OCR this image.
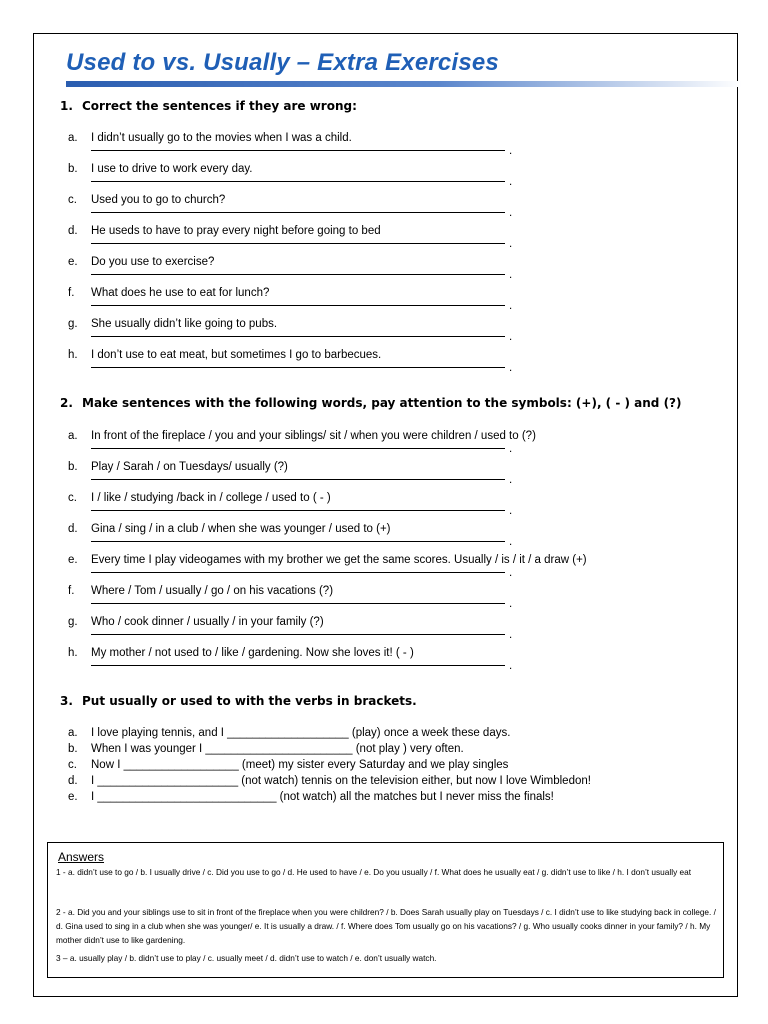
Used to vs. Usually – Extra Exercises
1. Correct the sentences if they are wrong:
a. I didn’t usually go to the movies when I was a child.
.
b. I use to drive to work every day.
.
c. Used you to go to church?
.
d. He useds to have to pray every night before going to bed
.
e. Do you use to exercise?
.
f. What does he use to eat for lunch?
.
g. She usually didn’t like going to pubs.
.
h. I don’t use to eat meat, but sometimes I go to barbecues.
.
2. Make sentences with the following words, pay attention to the symbols: (+), ( - ) and (?)
a. In front of the fireplace / you and your siblings/ sit / when you were children / used to (?)
.
b. Play / Sarah / on Tuesdays/ usually (?)
.
c. I / like / studying /back in / college / used to ( - )
.
d. Gina / sing / in a club / when she was younger / used to (+)
.
e. Every time I play videogames with my brother we get the same scores. Usually / is / it / a draw (+)
.
f. Where / Tom / usually / go / on his vacations (?)
.
g. Who / cook dinner / usually / in your family (?)
.
h. My mother / not used to / like / gardening. Now she loves it! ( - )
.
3. Put usually or used to with the verbs in brackets.
a. I love playing tennis, and I ___________________ (play) once a week these days.
b. When I was younger I _______________________ (not play ) very often.
c. Now I __________________ (meet) my sister every Saturday and we play singles
d. I ______________________ (not watch) tennis on the television either, but now I love Wimbledon!
e. I ____________________________ (not watch) all the matches but I never miss the finals!
Answers
1 - a. didn’t use to go / b. I usually drive / c. Did you use to go / d. He used to have / e. Do you usually / f. What does he usually eat / g. didn’t use to like / h. I don’t usually eat
2 - a. Did you and your siblings use to sit in front of the fireplace when you were children? / b. Does Sarah usually play on Tuesdays / c. I didn’t use to like studying back in college. / d. Gina used to sing in a club when she was younger/ e. It is usually a draw. / f. Where does Tom usually go on his vacations? / g. Who usually cooks dinner in your family? / h. My mother didn’t use to like gardening.
3 – a. usually play / b. didn’t use to play / c. usually meet / d. didn’t use to watch / e. don’t usually watch.
